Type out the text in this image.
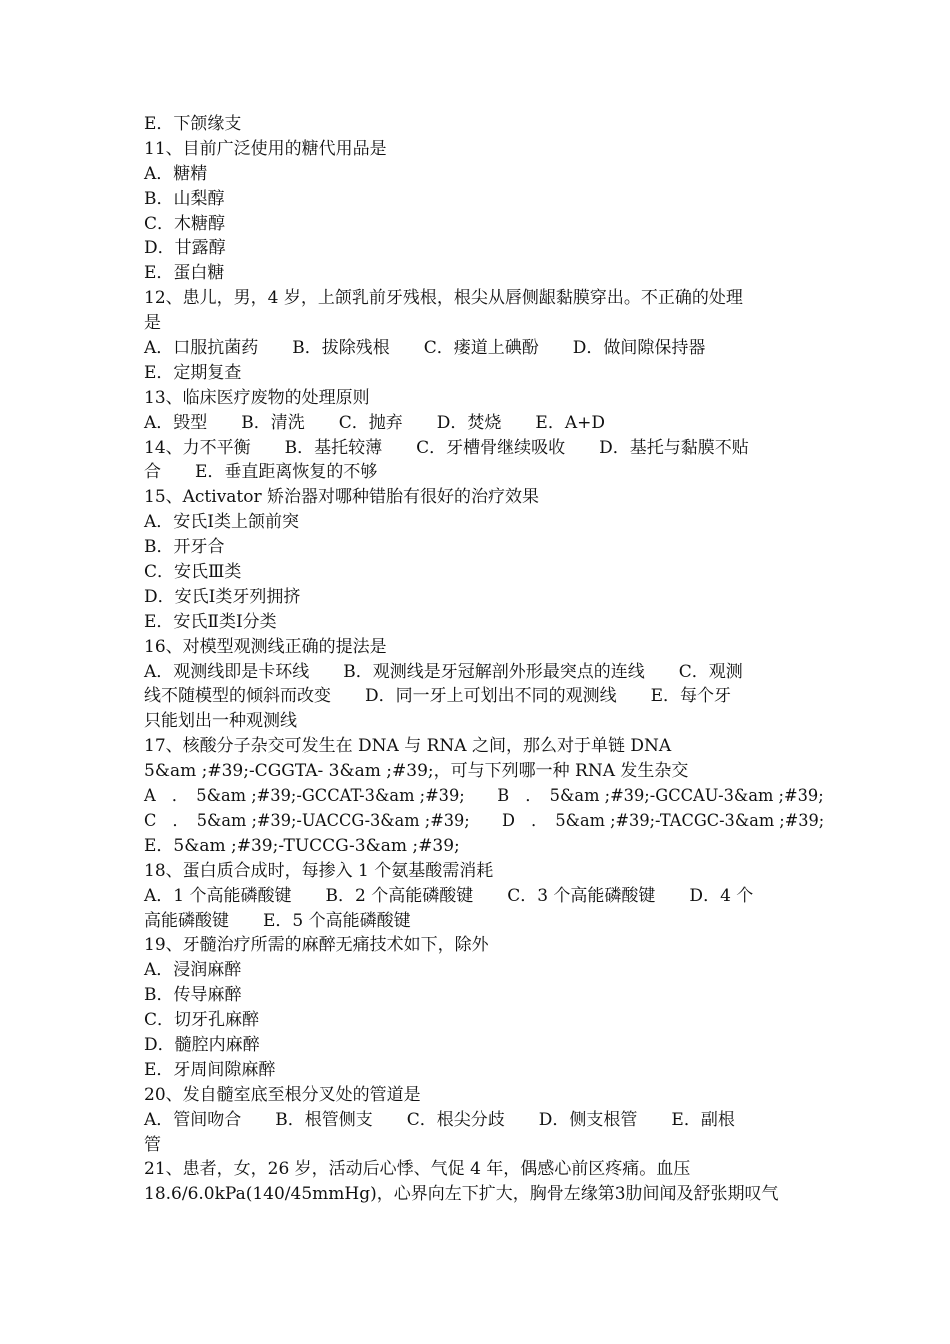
E．下颌缘支
11、目前广泛使用的糖代用品是
A．糖精
B．山梨醇
C．木糖醇
D．甘露醇
E．蛋白糖
12、患儿，男，4 岁，上颌乳前牙残根，根尖从唇侧龈黏膜穿出。不正确的处理
是
A．口服抗菌药　　B．拔除残根　　C．瘘道上碘酚　　D．做间隙保持器
E．定期复查
13、临床医疗废物的处理原则
A．毁型　　B．清洗　　C．抛弃　　D．焚烧　　E．A+D
14、力不平衡　　B．基托较薄　　C．牙槽骨继续吸收　　D．基托与黏膜不贴
合　　E．垂直距离恢复的不够
15、Activator 矫治器对哪种错胎有很好的治疗效果
A．安氏Ⅰ类上颌前突
B．开牙合
C．安氏Ⅲ类
D．安氏Ⅰ类牙列拥挤
E．安氏Ⅱ类Ⅰ分类
16、对模型观测线正确的提法是
A．观测线即是卡环线　　B．观测线是牙冠解剖外形最突点的连线　　C．观测
线不随模型的倾斜而改变　　D．同一牙上可划出不同的观测线　　E．每个牙
只能划出一种观测线
17、核酸分子杂交可发生在 DNA 与 RNA 之间，那么对于单链 DNA
5&am ;#39;-CGGTA- 3&am ;#39;，可与下列哪一种 RNA 发生杂交
A　．　5&am ;#39;-GCCAT-3&am ;#39;　　B　．　5&am ;#39;-GCCAU-3&am ;#39;
C　．　5&am ;#39;-UACCG-3&am ;#39;　　D　．　5&am ;#39;-TACGC-3&am ;#39;
E．5&am ;#39;-TUCCG-3&am ;#39;
18、蛋白质合成时，每掺入 1 个氨基酸需消耗
A．1 个高能磷酸键　　B．2 个高能磷酸键　　C．3 个高能磷酸键　　D．4 个
高能磷酸键　　E．5 个高能磷酸键
19、牙髓治疗所需的麻醉无痛技术如下，除外
A．浸润麻醉
B．传导麻醉
C．切牙孔麻醉
D．髓腔内麻醉
E．牙周间隙麻醉
20、发自髓室底至根分叉处的管道是
A．管间吻合　　B．根管侧支　　C．根尖分歧　　D．侧支根管　　E．副根
管
21、患者，女，26 岁，活动后心悸、气促 4 年，偶感心前区疼痛。血压
18.6/6.0kPa(140/45mmHg)，心界向左下扩大，胸骨左缘第3肋间闻及舒张期叹气
